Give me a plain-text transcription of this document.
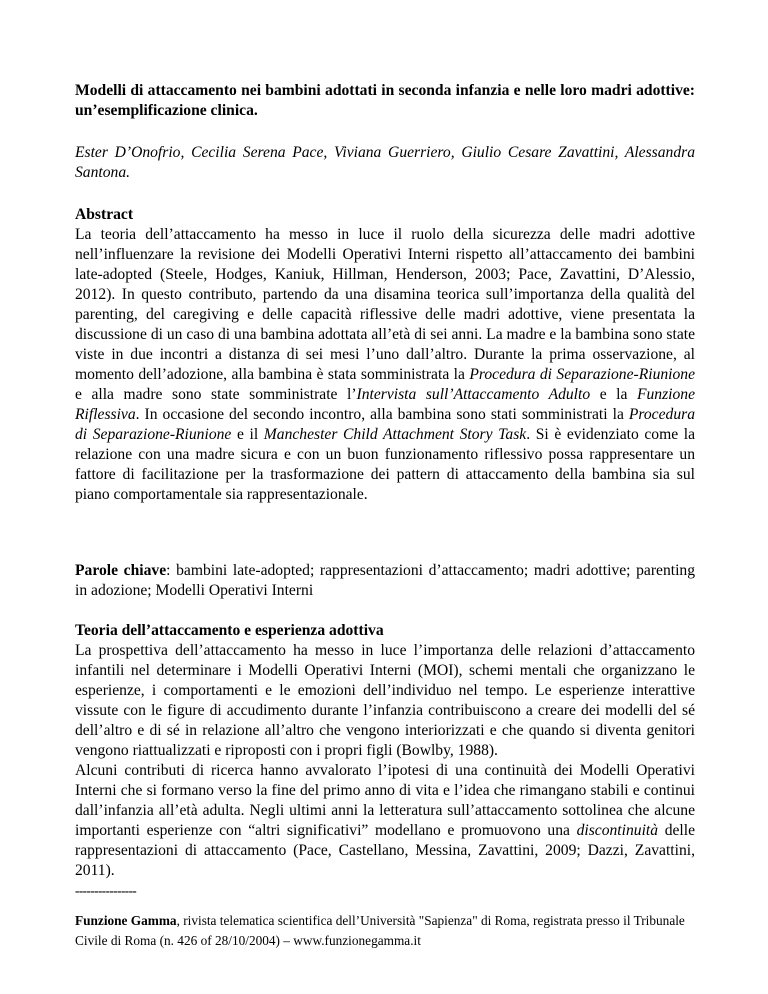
Modelli di attaccamento nei bambini adottati in seconda infanzia e nelle loro madri adottive: un’esemplificazione clinica.

Ester D’Onofrio, Cecilia Serena Pace, Viviana Guerriero, Giulio Cesare Zavattini, Alessandra Santona.

Abstract

La teoria dell’attaccamento ha messo in luce il ruolo della sicurezza delle madri adottive nell’influenzare la revisione dei Modelli Operativi Interni rispetto all’attaccamento dei bambini late-adopted (Steele, Hodges, Kaniuk, Hillman, Henderson, 2003; Pace, Zavattini, D’Alessio, 2012). In questo contributo, partendo da una disamina teorica sull’importanza della qualità del parenting, del caregiving e delle capacità riflessive delle madri adottive, viene presentata la discussione di un caso di una bambina adottata all’età di sei anni. La madre e la bambina sono state viste in due incontri a distanza di sei mesi l’uno dall’altro. Durante la prima osservazione, al momento dell’adozione, alla bambina è stata somministrata la Procedura di Separazione-Riunione e alla madre sono state somministrate l’Intervista sull’Attaccamento Adulto e la Funzione Riflessiva. In occasione del secondo incontro, alla bambina sono stati somministrati la Procedura di Separazione-Riunione e il Manchester Child Attachment Story Task. Si è evidenziato come la relazione con una madre sicura e con un buon funzionamento riflessivo possa rappresentare un fattore di facilitazione per la trasformazione dei pattern di attaccamento della bambina sia sul piano comportamentale sia rappresentazionale.

Parole chiave: bambini late-adopted; rappresentazioni d’attaccamento; madri adottive; parenting in adozione; Modelli Operativi Interni

Teoria dell’attaccamento e esperienza adottiva

La prospettiva dell’attaccamento ha messo in luce l’importanza delle relazioni d’attaccamento infantili nel determinare i Modelli Operativi Interni (MOI), schemi mentali che organizzano le esperienze, i comportamenti e le emozioni dell’individuo nel tempo. Le esperienze interattive vissute con le figure di accudimento durante l’infanzia contribuiscono a creare dei modelli del sé dell’altro e di sé in relazione all’altro che vengono interiorizzati e che quando si diventa genitori vengono riattualizzati e riproposti con i propri figli (Bowlby, 1988).

Alcuni contributi di ricerca hanno avvalorato l’ipotesi di una continuità dei Modelli Operativi Interni che si formano verso la fine del primo anno di vita e l’idea che rimangano stabili e continui dall’infanzia all’età adulta. Negli ultimi anni la letteratura sull’attaccamento sottolinea che alcune importanti esperienze con “altri significativi” modellano e promuovono una discontinuità delle rappresentazioni di attaccamento (Pace, Castellano, Messina, Zavattini, 2009; Dazzi, Zavattini, 2011).

----------------

Funzione Gamma, rivista telematica scientifica dell’Università "Sapienza" di Roma, registrata presso il Tribunale Civile di Roma (n. 426 of 28/10/2004) – www.funzionegamma.it
